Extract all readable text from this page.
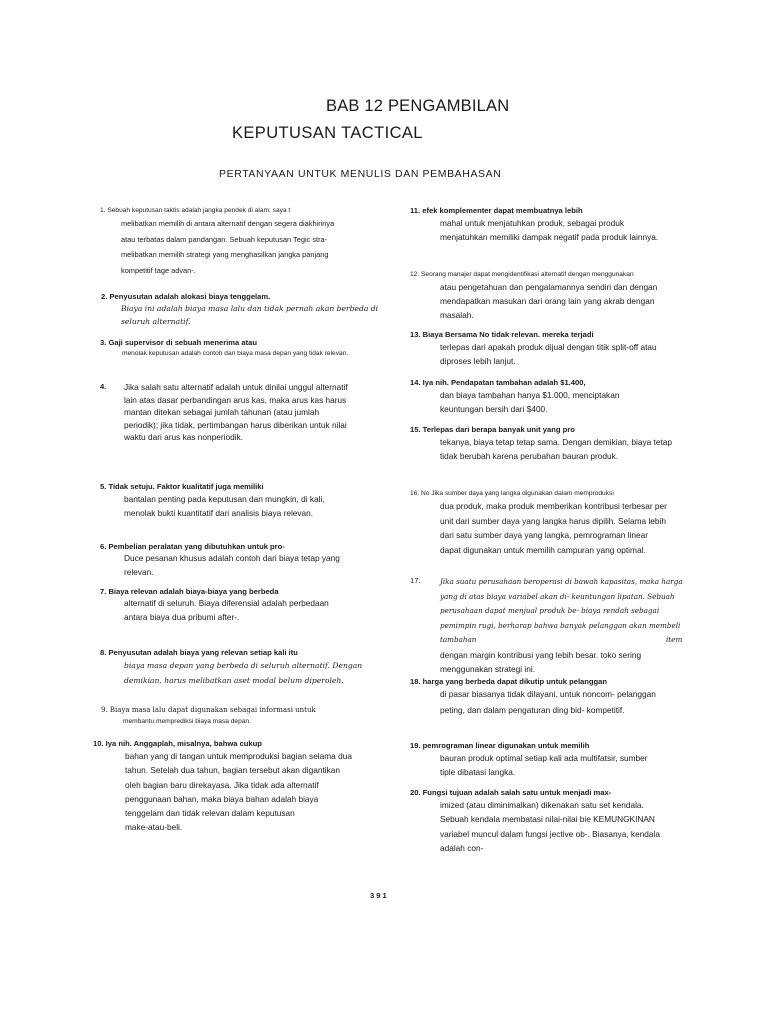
BAB 12 PENGAMBILAN
KEPUTUSAN TACTICAL
PERTANYAAN UNTUK MENULIS DAN PEMBAHASAN
1. Sebuah keputusan taktis adalah jangka pendek di alam; saya t
melibatkan memilih di antara alternatif dengan segera diakhirinya
atau terbatas dalam pandangan. Sebuah keputusan Tegic stra-
melibatkan memilih strategi yang menghasilkan jangka panjang
kompetitif tage advan-.
2. Penyusutan adalah alokasi biaya tenggelam.
Biaya ini adalah biaya masa lalu dan tidak pernah akan berbeda di
seluruh alternatif.
3. Gaji supervisor di sebuah menerima atau
menolak keputusan adalah contoh dari biaya masa depan yang tidak relevan.
4. Jika salah satu alternatif adalah untuk dinilai unggul alternatif
lain atas dasar perbandingan arus kas, maka arus kas harus
mantan ditekan sebagai jumlah tahunan (atau jumlah
periodik); jika tidak, pertimbangan harus diberikan untuk nilai
waktu dari arus kas nonperiodik.
5. Tidak setuju. Faktor kualitatif juga memiliki
bantalan penting pada keputusan dan mungkin, di kali,
menolak bukti kuantitatif dari analisis biaya relevan.
6. Pembelian peralatan yang dibutuhkan untuk pro-
Duce pesanan khusus adalah contoh dari biaya tetap yang
relevan.
7. Biaya relevan adalah biaya-biaya yang berbeda
alternatif di seluruh. Biaya diferensial adalah perbedaan
antara biaya dua pribumi after-.
8. Penyusutan adalah biaya yang relevan setiap kali itu
biaya masa depan yang berbeda di seluruh alternatif. Dengan
demikian, harus melibatkan aset modal belum diperoleh.
9. Biaya masa lalu dapat digunakan sebagai informasi untuk
membantu memprediksi biaya masa depan.
10. Iya nih. Anggaplah, misalnya, bahwa cukup
bahan yang di tangan untuk memproduksi bagian selama dua
tahun. Setelah dua tahun, bagian tersebut akan digantikan
oleh bagian baru direkayasa. Jika tidak ada alternatif
penggunaan bahan, maka biaya bahan adalah biaya
tenggelam dan tidak relevan dalam keputusan
make-atau-beli.
11. efek komplementer dapat membuatnya lebih
mahal untuk menjatuhkan produk, sebagai produk
menjatuhkan memiliki dampak negatif pada produk lainnya.
12. Seorang manajer dapat mengidentifikasi alternatif dengan menggunakan
atau pengetahuan dan pengalamannya sendiri dan dengan
mendapatkan masukan dari orang lain yang akrab dengan
masalah.
13. Biaya Bersama No tidak relevan. mereka terjadi
terlepas dari apakah produk dijual dengan titik split-off atau
diproses lebih lanjut.
14. Iya nih. Pendapatan tambahan adalah $1.400,
dan biaya tambahan hanya $1.000, menciptakan
keuntungan bersih dari $400.
15. Terlepas dari berapa banyak unit yang pro
tekanya, biaya tetap tetap sama. Dengan demikian, biaya tetap
tidak berubah karena perubahan bauran produk.
16. No Jika sumber daya yang langka digunakan dalam memproduksi
dua produk, maka produk memberikan kontribusi terbesar per
unit dari sumber daya yang langka harus dipilih. Selama lebih
dari satu sumber daya yang langka, pemrograman linear
dapat digunakan untuk memilih campuran yang optimal.
17.	Jika suatu perusahaan beroperasi di bawah kapasitas, maka harga
yang di atas biaya variabel akan di- keuntungan lipatan. Sebuah
perusahaan dapat menjual produk be- biaya rendah sebagai
pemimpin rugi, berharap bahwa banyak pelanggan akan membeli
tambahan	item
dengan margin kontribusi yang lebih besar. toko sering
menggunakan strategi ini.
18. harga yang berbeda dapat dikutip untuk pelanggan
di pasar biasanya tidak dilayani, untuk noncom- pelanggan
peting, dan dalam pengaturan ding bid- kompetitif.
19. pemrograman linear digunakan untuk memilih
bauran produk optimal setiap kali ada multifatsir, sumber
tiple dibatasi langka.
20. Fungsi tujuan adalah salah satu untuk menjadi max-
imized (atau diminimalkan) dikenakan satu set kendala.
Sebuah kendala membatasi nilai-nilai bie KEMUNGKINAN
variabel muncul dalam fungsi jective ob-. Biasanya, kendala
adalah con-
391
